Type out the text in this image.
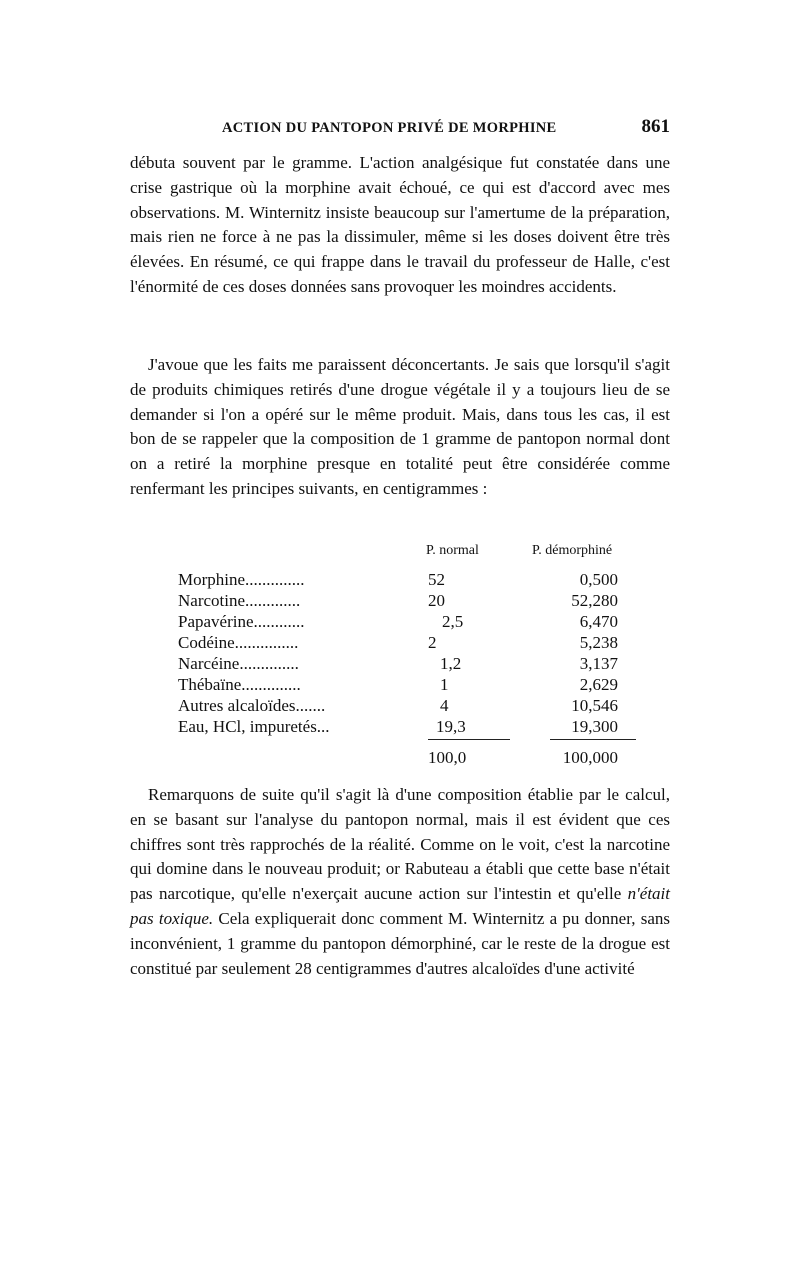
ACTION DU PANTOPON PRIVÉ DE MORPHINE	861

débuta souvent par le gramme. L'action analgésique fut constatée dans une crise gastrique où la morphine avait échoué, ce qui est d'accord avec mes observations. M. Winternitz insiste beaucoup sur l'amertume de la préparation, mais rien ne force à ne pas la dissimuler, même si les doses doivent être très élevées. En résumé, ce qui frappe dans le travail du professeur de Halle, c'est l'énormité de ces doses données sans provoquer les moindres accidents.

J'avoue que les faits me paraissent déconcertants. Je sais que lorsqu'il s'agit de produits chimiques retirés d'une drogue végétale il y a toujours lieu de se demander si l'on a opéré sur le même produit. Mais, dans tous les cas, il est bon de se rappeler que la composition de 1 gramme de pantopon normal dont on a retiré la morphine presque en totalité peut être considérée comme renfermant les principes suivants, en centigrammes :

P. normal	P. démorphiné
Morphine..............	52	0,500
Narcotine.............	20	52,280
Papavérine............	2,5	6,470
Codéine...............	2	5,238
Narcéine..............	1,2	3,137
Thébaïne..............	1	2,629
Autres alcaloïdes.......	4	10,546
Eau, HCl, impuretés...	19,3	19,300
100,0	100,000

Remarquons de suite qu'il s'agit là d'une composition établie par le calcul, en se basant sur l'analyse du pantopon normal, mais il est évident que ces chiffres sont très rapprochés de la réalité. Comme on le voit, c'est la narcotine qui domine dans le nouveau produit; or Rabuteau a établi que cette base n'était pas narcotique, qu'elle n'exerçait aucune action sur l'intestin et qu'elle n'était pas toxique. Cela expliquerait donc comment M. Winternitz a pu donner, sans inconvénient, 1 gramme du pantopon démorphiné, car le reste de la drogue est constitué par seulement 28 centigrammes d'autres alcaloïdes d'une activité
